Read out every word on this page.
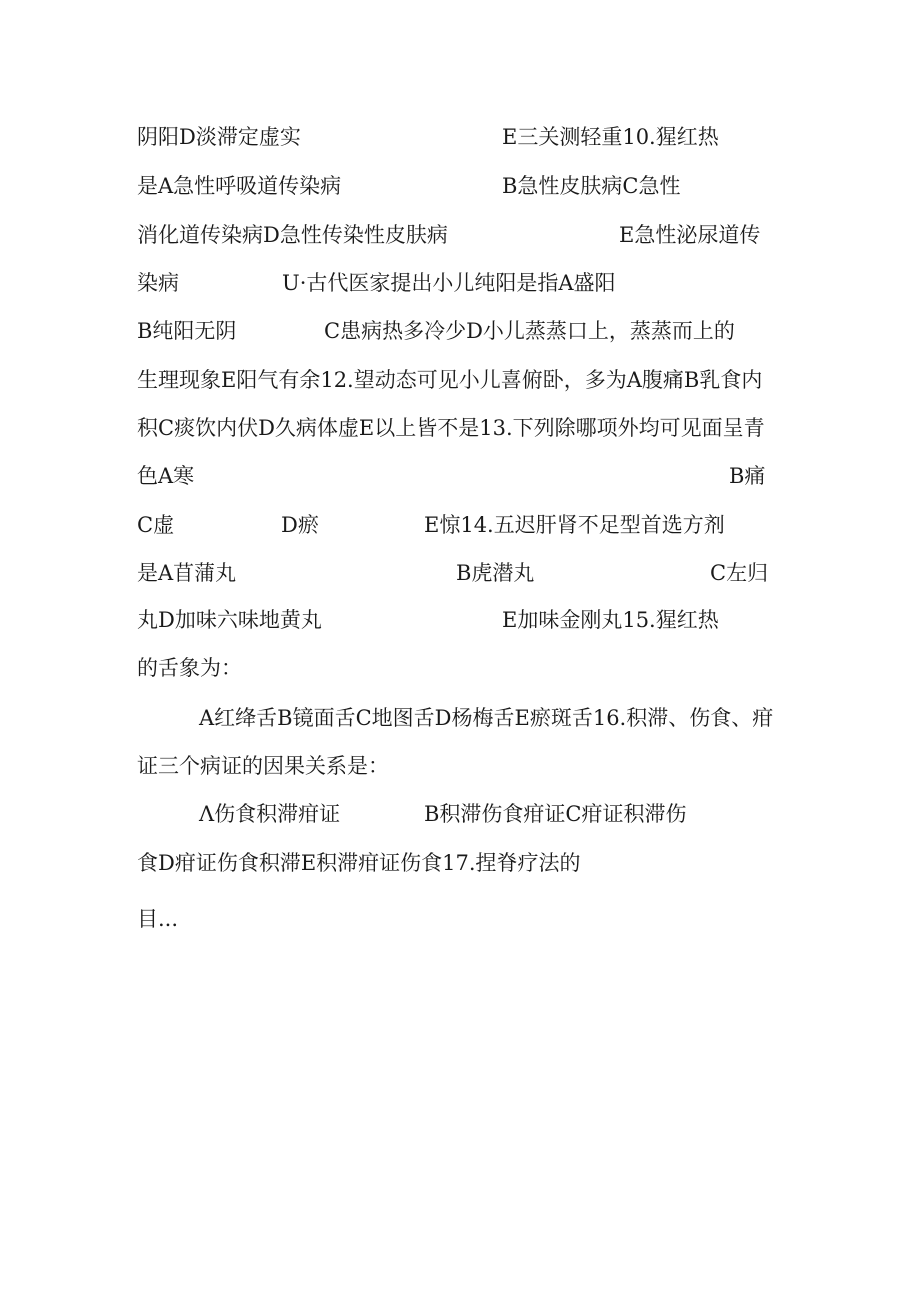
阴阳D淡滞定虚实	E三关测轻重10.猩红热
是A急性呼吸道传染病	B急性皮肤病C急性
消化道传染病D急性传染性皮肤病	E急性泌尿道传
染病	U·古代医家提出小儿纯阳是指A盛阳
B纯阳无阴	C患病热多冷少D小儿蒸蒸口上，蒸蒸而上的
生理现象E阳气有余12.望动态可见小儿喜俯卧，多为A腹痛B乳食内
积C痰饮内伏D久病体虚E以上皆不是13.下列除哪项外均可见面呈青
色A寒	B痛
C虚	D瘀	E惊14.五迟肝肾不足型首选方剂
是A苜蒲丸	B虎潜丸	C左归
丸D加味六味地黄丸	E加味金刚丸15.猩红热
的舌象为：
A红绛舌B镜面舌C地图舌D杨梅舌E瘀斑舌16.积滞、伤食、疳
证三个病证的因果关系是：
Λ伤食积滞疳证	B积滞伤食疳证C疳证积滞伤
食D疳证伤食积滞E积滞疳证伤食17.捏脊疗法的
目...
